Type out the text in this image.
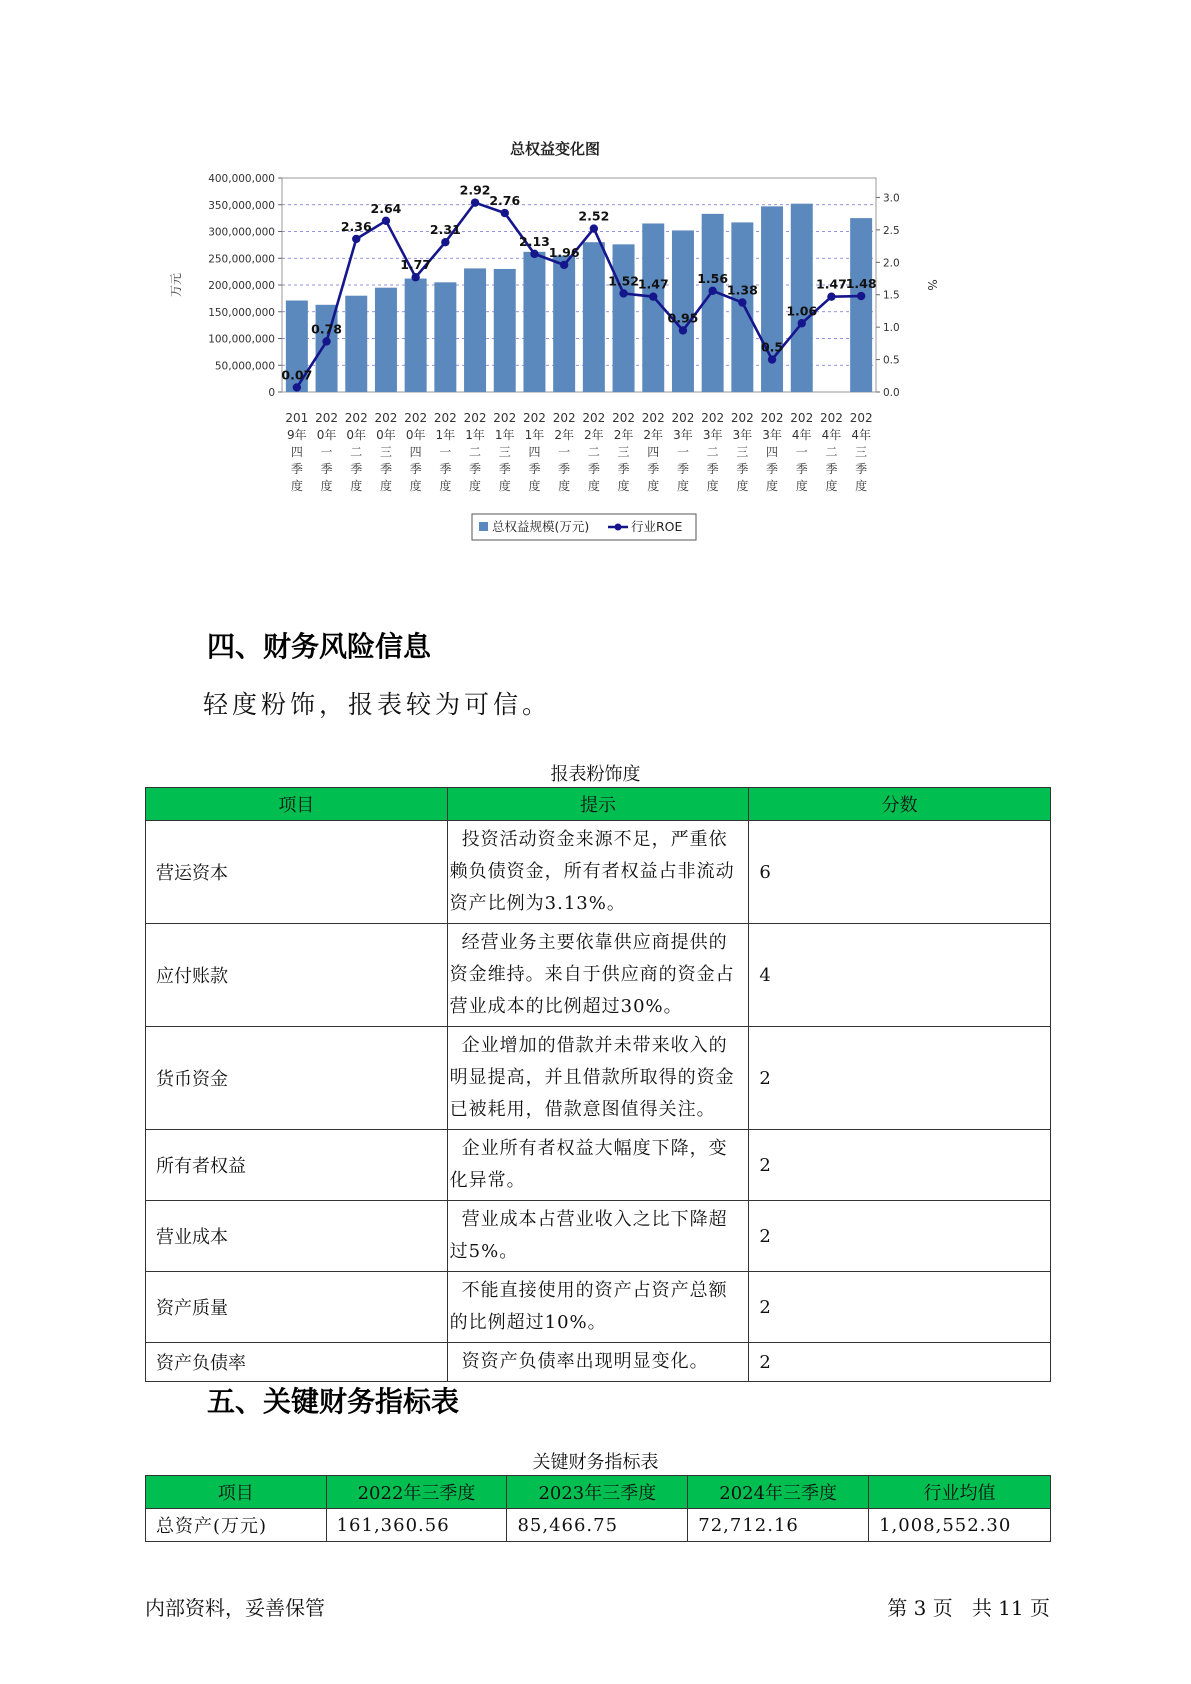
总权益变化图
0
50,000,000
100,000,000
150,000,000
200,000,000
250,000,000
300,000,000
350,000,000
400,000,000
0.0
0.5
1.0
1.5
2.0
2.5
3.0
万元	%
0.07
0.78
2.36
2.64
1.77
2.31
2.92
2.76
2.13
1.96
2.52
1.52
1.47
0.95
1.56
1.38
0.5
1.06
1.47
1.48
201
9年
四
季
度
202
0年
一
季
度
202
0年
二
季
度
202
0年
三
季
度
202
0年
四
季
度
202
1年
一
季
度
202
1年
二
季
度
202
1年
三
季
度
202
1年
四
季
度
202
2年
一
季
度
202
2年
二
季
度
202
2年
三
季
度
202
2年
四
季
度
202
3年
一
季
度
202
3年
二
季
度
202
3年
三
季
度
202
3年
四
季
度
202
4年
一
季
度
202
4年
二
季
度
202
4年
三
季
度
总权益规模(万元)	行业ROE
四、财务风险信息
轻度粉饰，报表较为可信。
报表粉饰度
项目	提示	分数
营运资本	投资活动资金来源不足，严重依赖负债资金，所有者权益占非流动资产比例为3.13%。	6
应付账款	经营业务主要依靠供应商提供的资金维持。来自于供应商的资金占营业成本的比例超过30%。	4
货币资金	企业增加的借款并未带来收入的明显提高，并且借款所取得的资金已被耗用，借款意图值得关注。	2
所有者权益	企业所有者权益大幅度下降，变化异常。	2
营业成本	营业成本占营业收入之比下降超过5%。	2
资产质量	不能直接使用的资产占资产总额的比例超过10%。	2
资产负债率	资资产负债率出现明显变化。	2
五、关键财务指标表
关键财务指标表
项目	2022年三季度	2023年三季度	2024年三季度	行业均值
总资产(万元)	161,360.56	85,466.75	72,712.16	1,008,552.30
内部资料，妥善保管	第 3 页   共 11 页
